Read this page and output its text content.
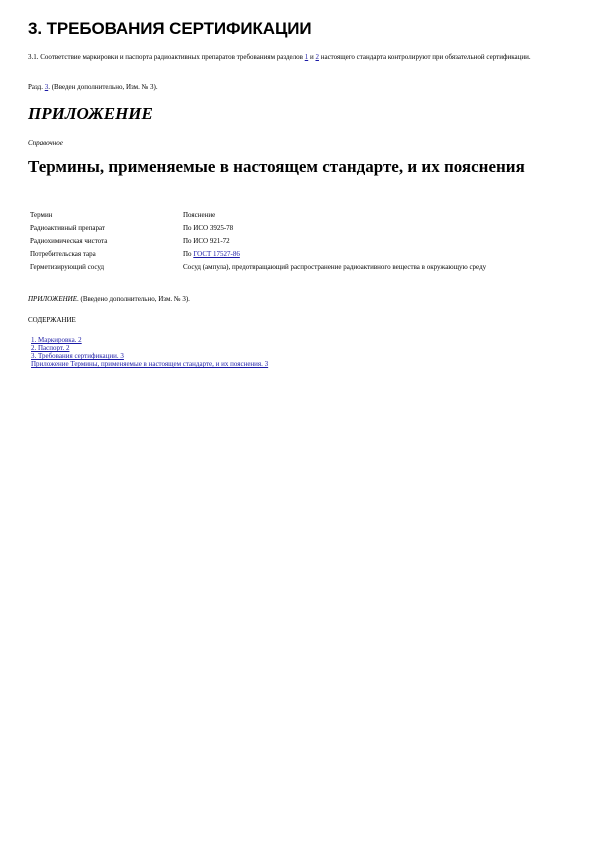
3. ТРЕБОВАНИЯ СЕРТИФИКАЦИИ

3.1. Соответствие маркировки и паспорта радиоактивных препаратов требованиям разделов 1 и 2 настоящего стандарта контролируют при обязательной сертификации.

Разд. 3. (Введен дополнительно, Изм. № 3).

ПРИЛОЖЕНИЕ

Справочное

Термины, применяемые в настоящем стандарте, и их пояснения
Термин	Пояснение
Радиоактивный препарат	По ИСО 3925-78
Радиохимическая чистота	По ИСО 921-72
Потребительская тара	По ГОСТ 17527-86
Герметизирующий сосуд	Сосуд (ампула), предотвращающий распространение радиоактивного вещества в окружающую среду

ПРИЛОЖЕНИЕ. (Введено дополнительно, Изм. № 3).

СОДЕРЖАНИЕ

1. Маркировка. 2
2. Паспорт. 2
3. Требования сертификации. 3
Приложение Термины, применяемые в настоящем стандарте, и их пояснения. 3
